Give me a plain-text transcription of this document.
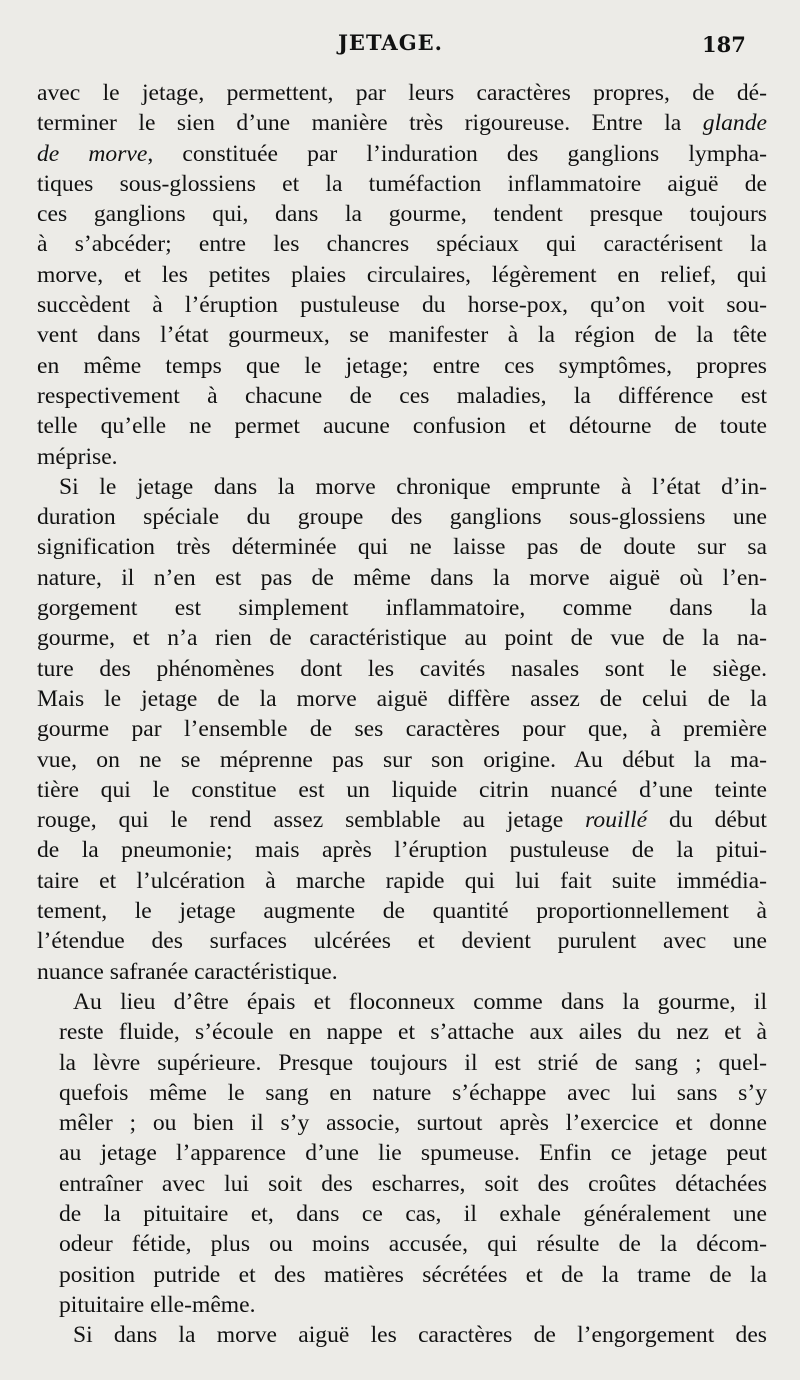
JETAGE.	187
avec le jetage, permettent, par leurs caractères propres, de dé-
terminer le sien d’une manière très rigoureuse. Entre la glande
de morve, constituée par l’induration des ganglions lympha-
tiques sous-glossiens et la tuméfaction inflammatoire aiguë de
ces ganglions qui, dans la gourme, tendent presque toujours
à s’abcéder; entre les chancres spéciaux qui caractérisent la
morve, et les petites plaies circulaires, légèrement en relief, qui
succèdent à l’éruption pustuleuse du horse-pox, qu’on voit sou-
vent dans l’état gourmeux, se manifester à la région de la tête
en même temps que le jetage; entre ces symptômes, propres
respectivement à chacune de ces maladies, la différence est
telle qu’elle ne permet aucune confusion et détourne de toute
méprise.
Si le jetage dans la morve chronique emprunte à l’état d’in-
duration spéciale du groupe des ganglions sous-glossiens une
signification très déterminée qui ne laisse pas de doute sur sa
nature, il n’en est pas de même dans la morve aiguë où l’en-
gorgement est simplement inflammatoire, comme dans la
gourme, et n’a rien de caractéristique au point de vue de la na-
ture des phénomènes dont les cavités nasales sont le siège.
Mais le jetage de la morve aiguë diffère assez de celui de la
gourme par l’ensemble de ses caractères pour que, à première
vue, on ne se méprenne pas sur son origine. Au début la ma-
tière qui le constitue est un liquide citrin nuancé d’une teinte
rouge, qui le rend assez semblable au jetage rouillé du début
de la pneumonie; mais après l’éruption pustuleuse de la pitui-
taire et l’ulcération à marche rapide qui lui fait suite immédia-
tement, le jetage augmente de quantité proportionnellement à
l’étendue des surfaces ulcérées et devient purulent avec une
nuance safranée caractéristique.
Au lieu d’être épais et floconneux comme dans la gourme, il
reste fluide, s’écoule en nappe et s’attache aux ailes du nez et à
la lèvre supérieure. Presque toujours il est strié de sang ; quel-
quefois même le sang en nature s’échappe avec lui sans s’y
mêler ; ou bien il s’y associe, surtout après l’exercice et donne
au jetage l’apparence d’une lie spumeuse. Enfin ce jetage peut
entraîner avec lui soit des escharres, soit des croûtes détachées
de la pituitaire et, dans ce cas, il exhale généralement une
odeur fétide, plus ou moins accusée, qui résulte de la décom-
position putride et des matières sécrétées et de la trame de la
pituitaire elle-même.
Si dans la morve aiguë les caractères de l’engorgement des
